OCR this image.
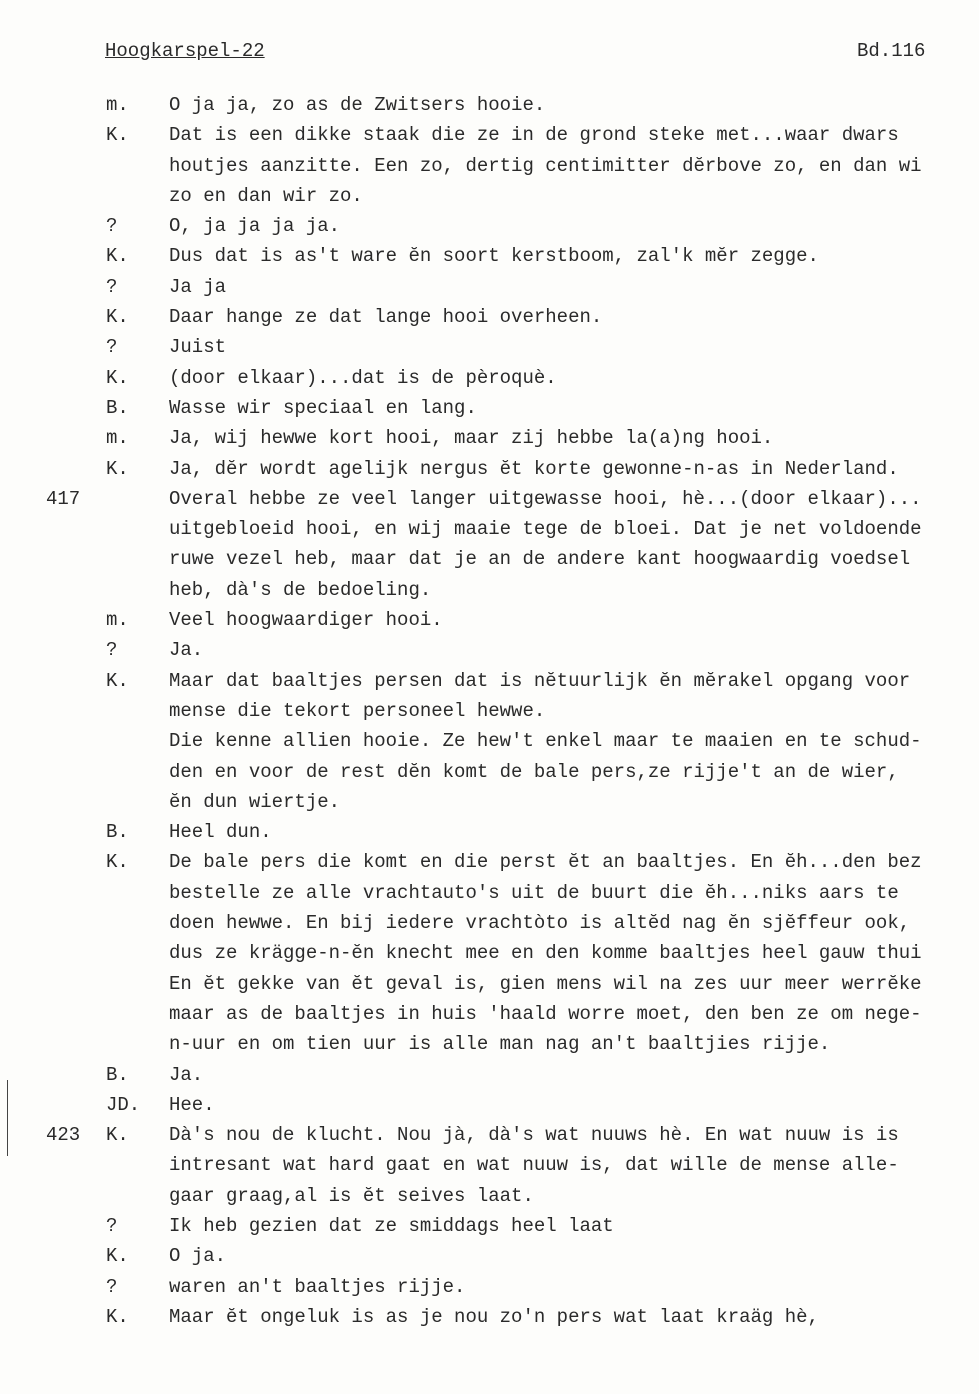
Hoogkarspel-22	Bd.116
m. O ja ja, zo as de Zwitsers hooie.
K. Dat is een dikke staak die ze in de grond steke met...waar dwars
houtjes aanzitte. Een zo, dertig centimitter dĕrbove zo, en dan wi
zo en dan wir zo.
?	O, ja ja ja ja.
K. Dus dat is as't ware ĕn soort kerstboom, zal'k mĕr zegge.
?	Ja ja
K. Daar hange ze dat lange hooi overheen.
?	Juist
K. (door elkaar)...dat is de pèroquè.
B. Wasse wir speciaal en lang.
m. Ja, wij hewwe kort hooi, maar zij hebbe la(a)ng hooi.
K. Ja, dĕr wordt agelijk nergus ĕt korte gewonne-n-as in Nederland.
417	Overal hebbe ze veel langer uitgewasse hooi, hè...(door elkaar)...
uitgebloeid hooi, en wij maaie tege de bloei. Dat je net voldoende
ruwe vezel heb, maar dat je an de andere kant hoogwaardig voedsel
heb, dà's de bedoeling.
m. Veel hoogwaardiger hooi.
?	Ja.
K. Maar dat baaltjes persen dat is nĕtuurlijk ĕn mĕrakel opgang voor
mense die tekort personeel hewwe.
Die kenne allien hooie. Ze hew't enkel maar te maaien en te schud-
den en voor de rest dĕn komt de bale pers,ze rijje't an de wier,
ĕn dun wiertje.
B. Heel dun.
K. De bale pers die komt en die perst ĕt an baaltjes. En ĕh...den bez
bestelle ze alle vrachtauto's uit de buurt die ĕh...niks aars te
doen hewwe. En bij iedere vrachtòto is altĕd nag ĕn sjĕffeur ook,
dus ze krägge-n-ĕn knecht mee en den komme baaltjes heel gauw thui
En ĕt gekke van ĕt geval is, gien mens wil na zes uur meer werrĕke
maar as de baaltjes in huis 'haald worre moet, den ben ze om nege-
n-uur en om tien uur is alle man nag an't baaltjies rijje.
B. Ja.
JD. Hee.
423 K. Dà's nou de klucht. Nou jà, dà's wat nuuws hè. En wat nuuw is is
intresant wat hard gaat en wat nuuw is, dat wille de mense alle-
gaar graag,al is ĕt seives laat.
?	Ik heb gezien dat ze smiddags heel laat
K. O ja.
?	waren an't baaltjes rijje.
K. Maar ĕt ongeluk is as je nou zo'n pers wat laat kraäg hè,
